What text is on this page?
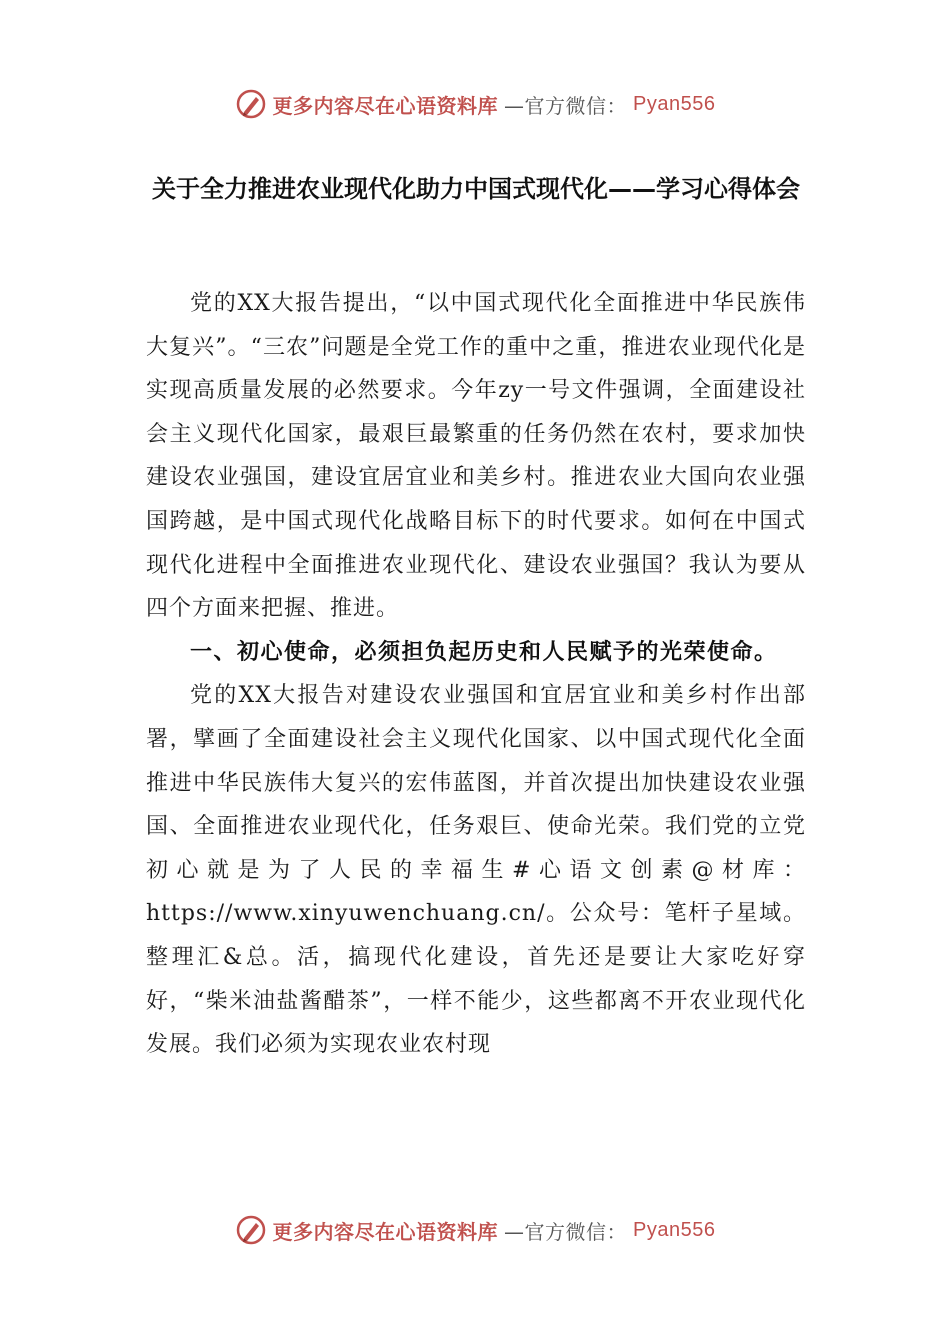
更多内容尽在心语资料库 —官方微信： Pyan556
关于全力推进农业现代化助力中国式现代化——学习心得体会

党的XX大报告提出，“以中国式现代化全面推进中华民族伟大复兴”。“三农”问题是全党工作的重中之重，推进农业现代化是实现高质量发展的必然要求。今年zy一号文件强调，全面建设社会主义现代化国家，最艰巨最繁重的任务仍然在农村，要求加快建设农业强国，建设宜居宜业和美乡村。推进农业大国向农业强国跨越，是中国式现代化战略目标下的时代要求。如何在中国式现代化进程中全面推进农业现代化、建设农业强国？我认为要从四个方面来把握、推进。

一、初心使命，必须担负起历史和人民赋予的光荣使命。

党的XX大报告对建设农业强国和宜居宜业和美乡村作出部署，擘画了全面建设社会主义现代化国家、以中国式现代化全面推进中华民族伟大复兴的宏伟蓝图，并首次提出加快建设农业强国、全面推进农业现代化，任务艰巨、使命光荣。我们党的立党初心就是为了人民的幸福生#心语文创素@材库：https://www.xinyuwenchuang.cn/。公众号：笔杆子星域。整理汇&总。活，搞现代化建设，首先还是要让大家吃好穿好，“柴米油盐酱醋茶”，一样不能少，这些都离不开农业现代化发展。我们必须为实现农业农村现

更多内容尽在心语资料库 —官方微信： Pyan556
